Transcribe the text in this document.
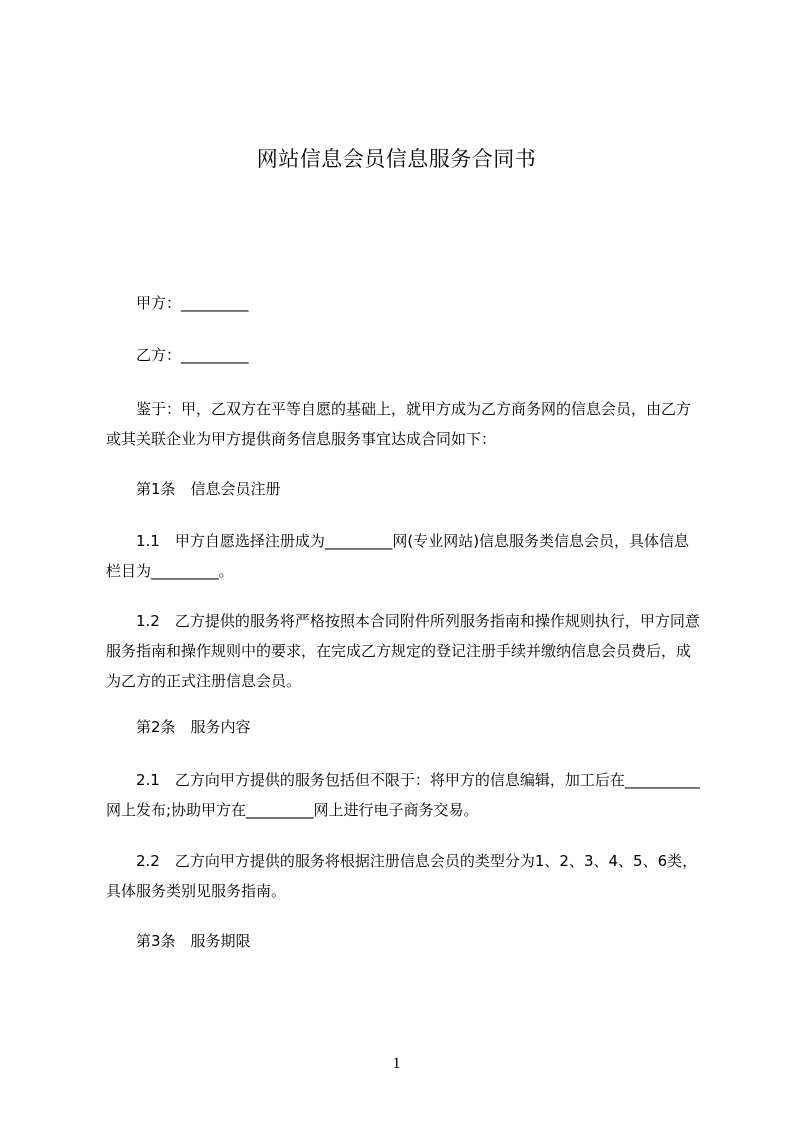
网站信息会员信息服务合同书
　　甲方：_________
　　乙方：_________
　　鉴于：甲，乙双方在平等自愿的基础上，就甲方成为乙方商务网的信息会员，由乙方或其关联企业为甲方提供商务信息服务事宜达成合同如下：
　　第1条　信息会员注册
　　1.1　甲方自愿选择注册成为_________网(专业网站)信息服务类信息会员，具体信息栏目为_________。
　　1.2　乙方提供的服务将严格按照本合同附件所列服务指南和操作规则执行，甲方同意服务指南和操作规则中的要求，在完成乙方规定的登记注册手续并缴纳信息会员费后，成为乙方的正式注册信息会员。
　　第2条　服务内容
　　2.1　乙方向甲方提供的服务包括但不限于：将甲方的信息编辑，加工后在__________网上发布;协助甲方在_________网上进行电子商务交易。
　　2.2　乙方向甲方提供的服务将根据注册信息会员的类型分为1、2、3、4、5、6类，具体服务类别见服务指南。
　　第3条　服务期限
1
